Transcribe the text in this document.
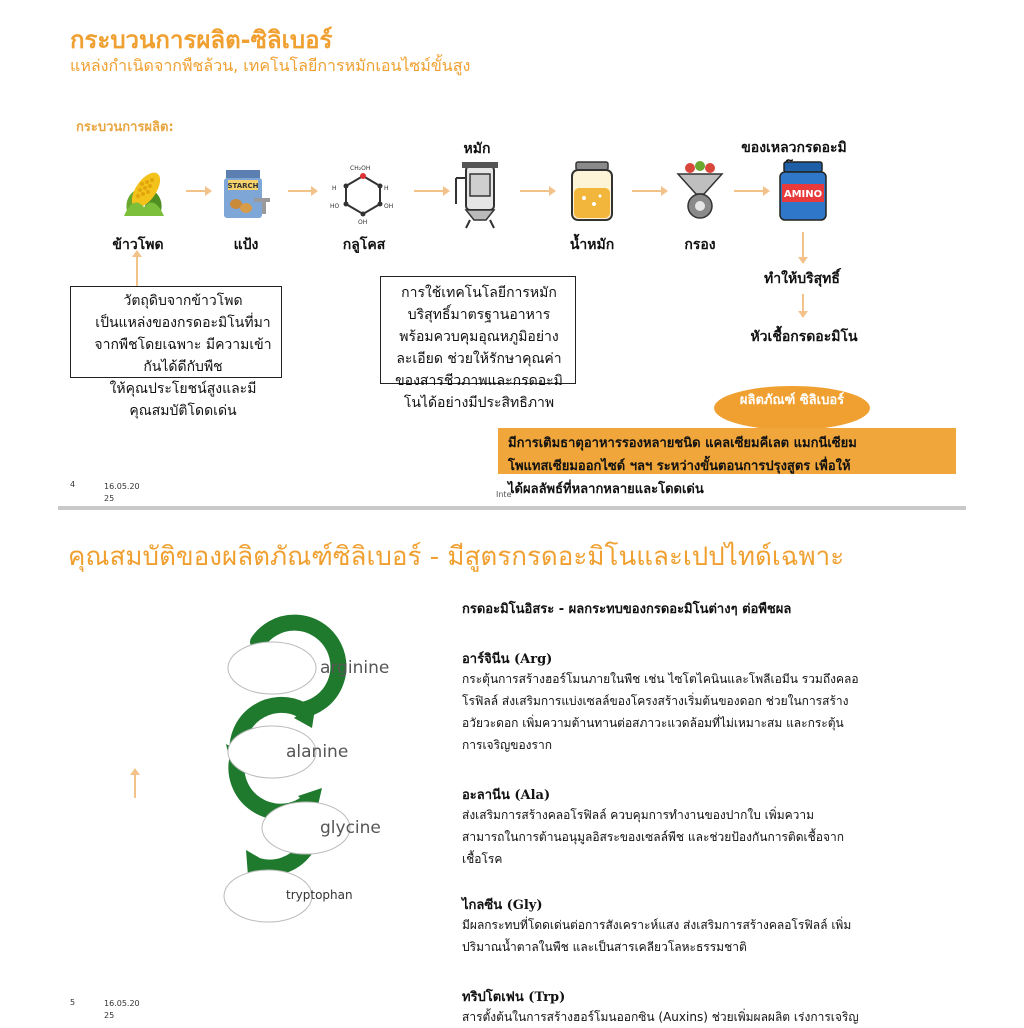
กระบวนการผลิต-ซิลิเบอร์
แหล่งกำเนิดจากพืชล้วน, เทคโนโลยีการหมักเอนไซม์ขั้นสูง
กระบวนการผลิต:
ข้าวโพด
STARCH
แป้ง
CH₂OH
H
OH
OH
HO
H
กลูโคส
หมัก
น้ำหมัก	กรอง
ของเหลวกรดอะมิ
AMINO
ทำให้บริสุทธิ์
หัวเชื้อกรดอะมิโน
ผลิตภัณฑ์ ซิลิเบอร์
วัตถุดิบจากข้าวโพด
เป็นแหล่งของกรดอะมิโนที่มา
จากพืชโดยเฉพาะ มีความเข้า
กันได้ดีกับพืช
ให้คุณประโยชน์สูงและมี
คุณสมบัติโดดเด่น
การใช้เทคโนโลยีการหมัก
บริสุทธิ์มาตรฐานอาหาร
พร้อมควบคุมอุณหภูมิอย่าง
ละเอียด ช่วยให้รักษาคุณค่า
ของสารชีวภาพและกรดอะมิ
โนได้อย่างมีประสิทธิภาพ
4	16.05.20
25	Inte
มีการเติมธาตุอาหารรองหลายชนิด แคลเซียมคีเลต แมกนีเซียม
โพแทสเซียมออกไซด์ ฯลฯ ระหว่างขั้นตอนการปรุงสูตร เพื่อให้
ได้ผลลัพธ์ที่หลากหลายและโดดเด่น
คุณสมบัติของผลิตภัณฑ์ซิลิเบอร์ - มีสูตรกรดอะมิโนและเปปไทด์เฉพาะ
กรดอะมิโนอิสระ - ผลกระทบของกรดอะมิโนต่างๆ ต่อพืชผล
arginine
alanine
glycine
tryptophan
อาร์จินีน (Arg)
กระตุ้นการสร้างฮอร์โมนภายในพืช เช่น ไซโตไคนินและโพลีเอมีน รวมถึงคลอ
โรฟิลล์ ส่งเสริมการแบ่งเซลล์ของโครงสร้างเริ่มต้นของดอก ช่วยในการสร้าง
อวัยวะดอก เพิ่มความต้านทานต่อสภาวะแวดล้อมที่ไม่เหมาะสม และกระตุ้น
การเจริญของราก
อะลานีน (Ala)
ส่งเสริมการสร้างคลอโรฟิลล์ ควบคุมการทำงานของปากใบ เพิ่มความ
สามารถในการต้านอนุมูลอิสระของเซลล์พืช และช่วยป้องกันการติดเชื้อจาก
เชื้อโรค
ไกลซีน (Gly)
มีผลกระทบที่โดดเด่นต่อการสังเคราะห์แสง ส่งเสริมการสร้างคลอโรฟิลล์ เพิ่ม
ปริมาณน้ำตาลในพืช และเป็นสารเคลียวโลหะธรรมชาติ
ทริปโตเฟน (Trp)
สารตั้งต้นในการสร้างฮอร์โมนออกซิน (Auxins) ช่วยเพิ่มผลผลิต เร่งการเจริญ
5	16.05.20
25
